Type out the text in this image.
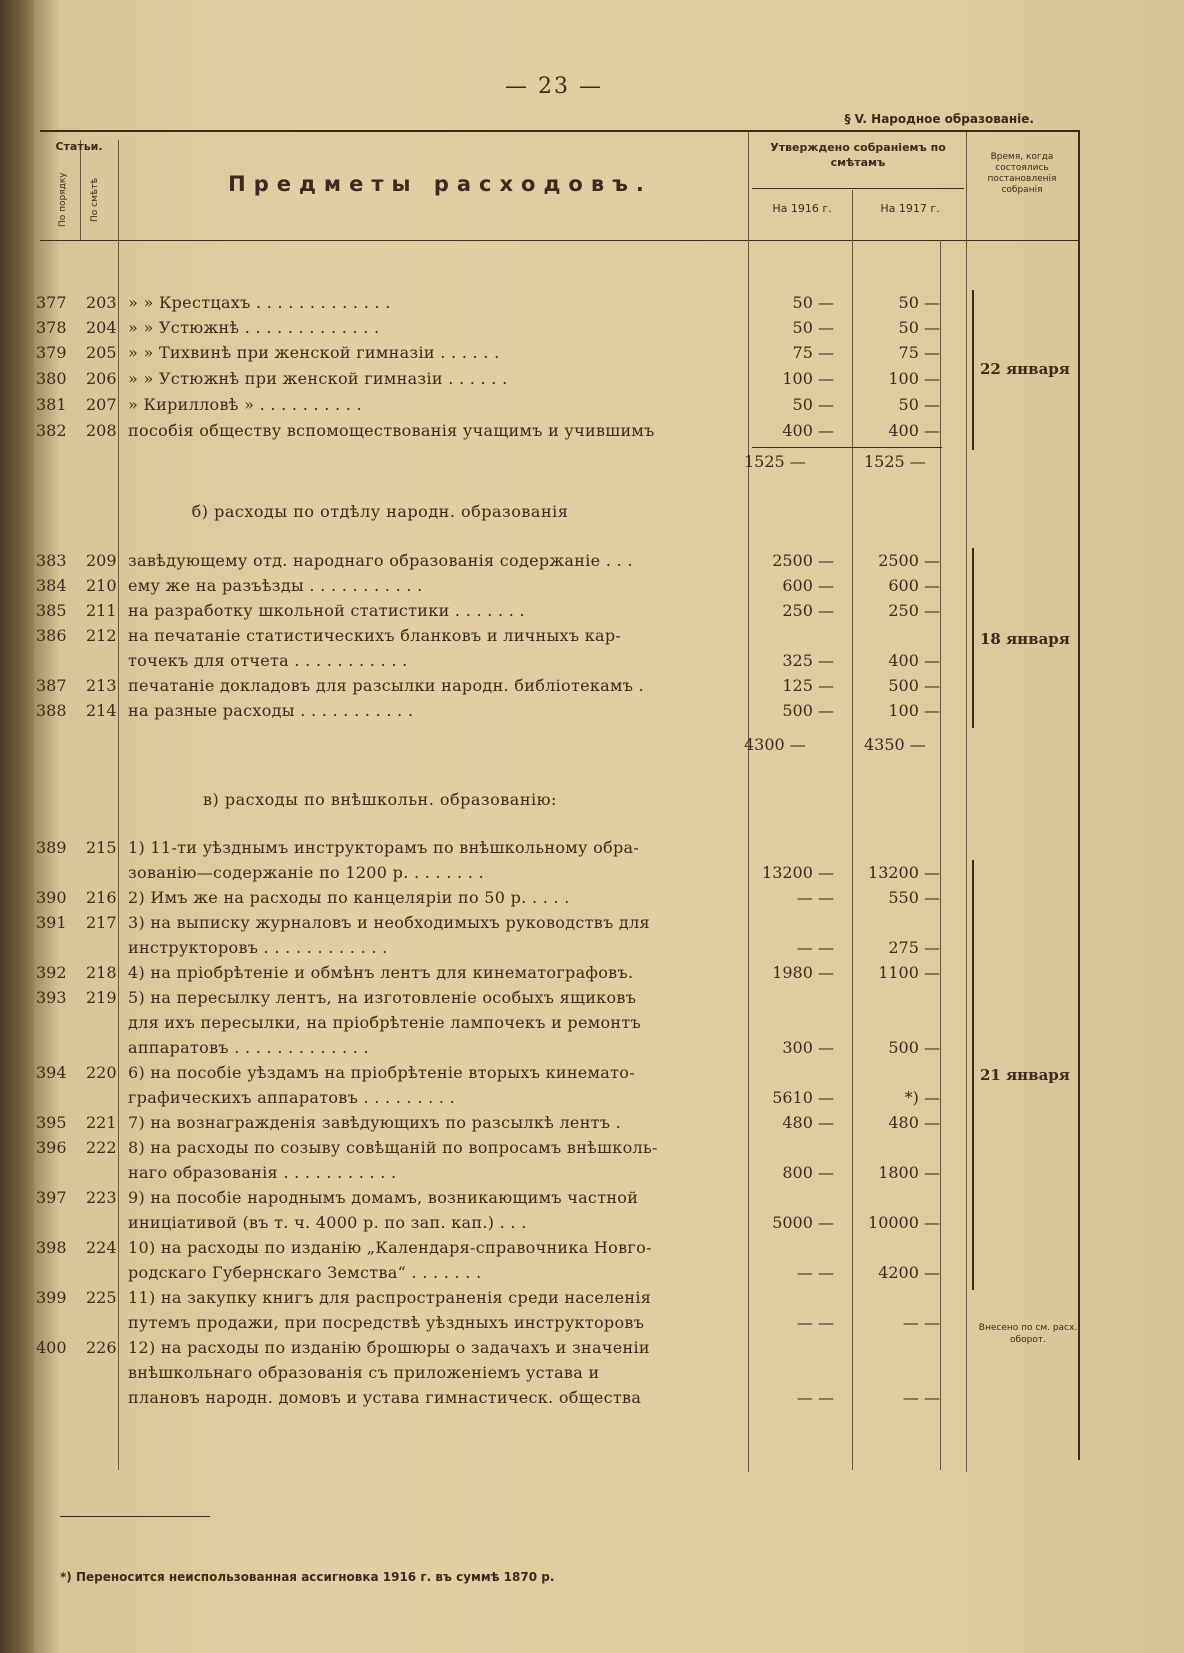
— 23 —
§ V. Народное образованіе.
Статьи.
По порядку По смѣтѣ	Предметы расходовъ.
Утверждено собраніемъ по смѣтамъ
На 1916 г.	На 1917 г.
Время, когда состоялись постановленія собранія
377	203 » » Крестцахъ . . . . . . . . . . . . .	50 —	50 —
378	204 » » Устюжнѣ . . . . . . . . . . . . .	50 —	50 —
379	205 » » Тихвинѣ при женской гимназіи . . . . . .	75 —	75 —
380	206 » » Устюжнѣ при женской гимназіи . . . . . .	100 —	100 —
381	207 » Кирилловѣ » . . . . . . . . . .	50 —	50 —
382	208 пособія обществу вспомоществованія учащимъ и учившимъ	400 —	400 —
383	209 завѣдующему отд. народнаго образованія содержаніе . . .	2500 —	2500 —
384	210 ему же на разъѣзды . . . . . . . . . . .	600 —	600 —
385	211 на разработку школьной статистики . . . . . . .	250 —	250 —
386	212 на печатаніе статистическихъ бланковъ и личныхъ кар-
точекъ для отчета . . . . . . . . . . .	325 —	400 —
387	213 печатаніе докладовъ для разсылки народн. библіотекамъ .	125 —	500 —
388	214 на разные расходы . . . . . . . . . . .	500 —	100 —
389	215 1) 11-ти уѣзднымъ инструкторамъ по внѣшкольному обра-
зованію—содержаніе по 1200 р. . . . . . . .	13200 —	13200 —
390	216 2) Имъ же на расходы по канцеляріи по 50 р. . . . .	— —	550 —
391	217 3) на выписку журналовъ и необходимыхъ руководствъ для
инструкторовъ . . . . . . . . . . . .	— —	275 —
392	218 4) на пріобрѣтеніе и обмѣнъ лентъ для кинематографовъ.	1980 —	1100 —
393	219 5) на пересылку лентъ, на изготовленіе особыхъ ящиковъ
для ихъ пересылки, на пріобрѣтеніе лампочекъ и ремонтъ
аппаратовъ . . . . . . . . . . . . .	300 —	500 —
394	220 6) на пособіе уѣздамъ на пріобрѣтеніе вторыхъ кинемато-
графическихъ аппаратовъ . . . . . . . . .	5610 —	*) —
395	221 7) на вознагражденія завѣдующихъ по разсылкѣ лентъ .	480 —	480 —
396	222 8) на расходы по созыву совѣщаній по вопросамъ внѣшколь-
наго образованія . . . . . . . . . . .	800 —	1800 —
397	223 9) на пособіе народнымъ домамъ, возникающимъ частной
иниціативой (въ т. ч. 4000 р. по зап. кап.) . . .	5000 —	10000 —
398	224 10) на расходы по изданію „Календаря-справочника Новго-
родскаго Губернскаго Земства“ . . . . . . .	— —	4200 —
399	225 11) на закупку книгъ для распространенія среди населенія
путемъ продажи, при посредствѣ уѣздныхъ инструкторовъ	— —	— —
400	226 12) на расходы по изданію брошюры о задачахъ и значеніи
внѣшкольнаго образованія съ приложеніемъ устава и
плановъ народн. домовъ и устава гимнастическ. общества	— —	— —
Внесено по см. расх. оборот.
*) Переносится неиспользованная ассигновка 1916 г. въ суммѣ 1870 р.
1525 —	1525 —
б) расходы по отдѣлу народн. образованія
4300 —	4350 —
в) расходы по внѣшкольн. образованію:
22 января
18 января
21 января
